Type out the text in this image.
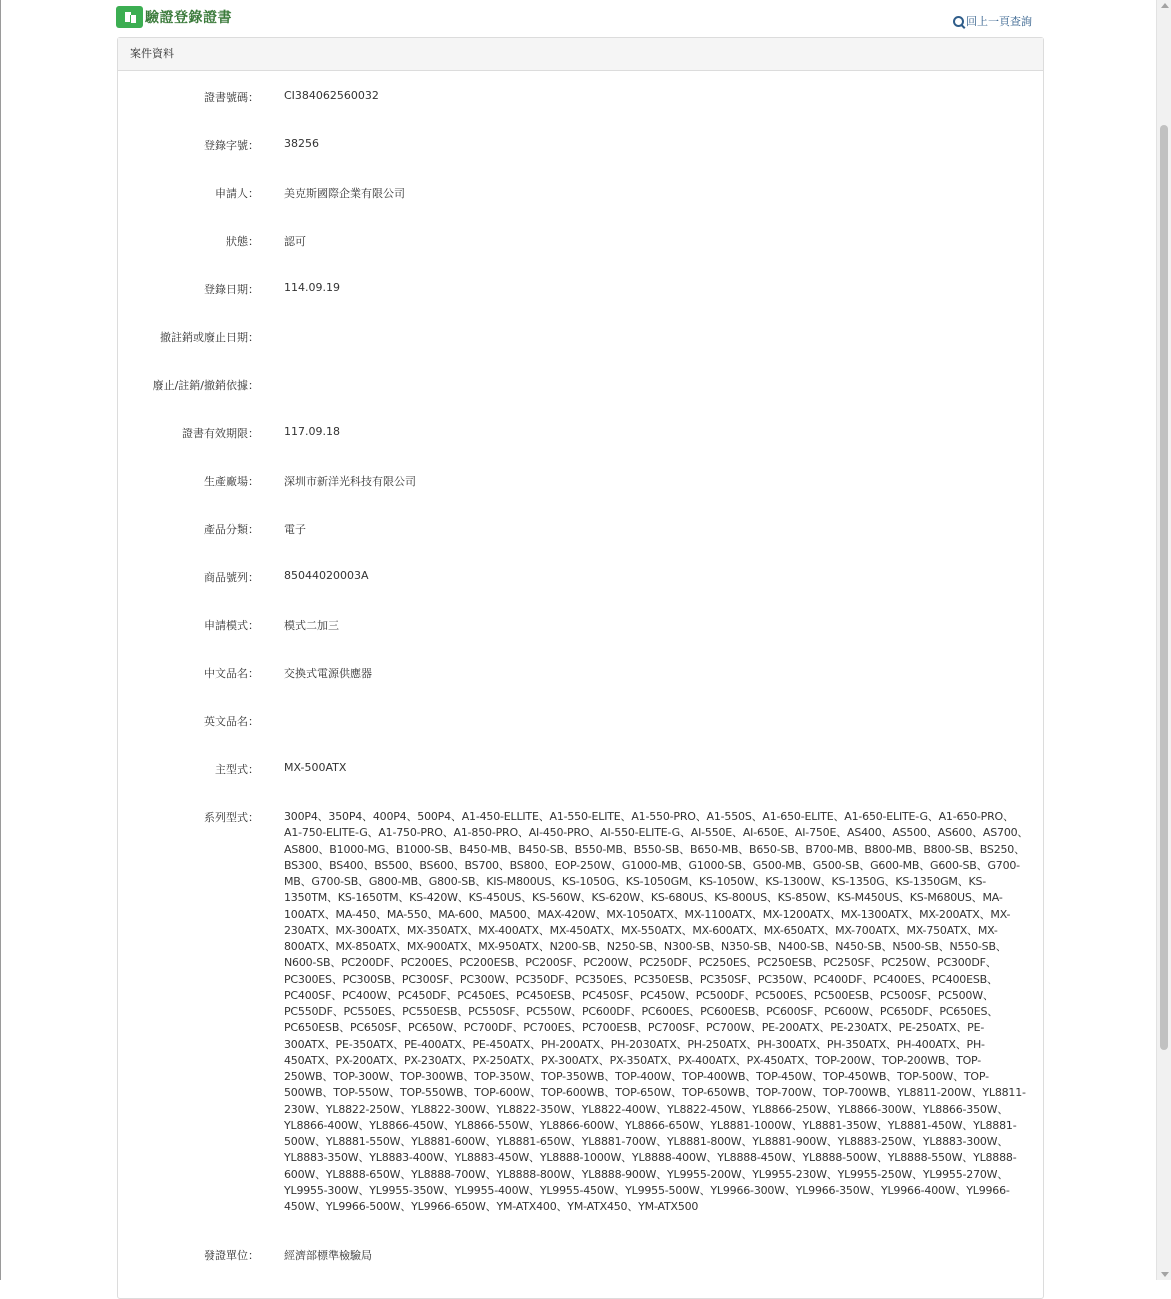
驗證登錄證書	回上一頁查詢
案件資料
證書號碼： CI384062560032
登錄字號： 38256
申請人： 美克斯國際企業有限公司
狀態： 認可
登錄日期： 114.09.19
撤註銷或廢止日期：
廢止/註銷/撤銷依據：
證書有效期限： 117.09.18
生產廠場： 深圳市新洋光科技有限公司
產品分類： 電子
商品號列： 85044020003A
申請模式： 模式二加三
中文品名： 交換式電源供應器
英文品名：
主型式： MX-500ATX
系列型式： 300P4、350P4、400P4、500P4、A1-450-ELLITE、A1-550-ELITE、A1-550-PRO、A1-550S、A1-650-ELITE、A1-650-ELITE-G、A1-650-PRO、A1-750-ELITE-G、A1-750-PRO、A1-850-PRO、AI-450-PRO、AI-550-ELITE-G、AI-550E、AI-650E、AI-750E、AS400、AS500、AS600、AS700、AS800、B1000-MG、B1000-SB、B450-MB、B450-SB、B550-MB、B550-SB、B650-MB、B650-SB、B700-MB、B800-MB、B800-SB、BS250、BS300、BS400、BS500、BS600、BS700、BS800、EOP-250W、G1000-MB、G1000-SB、G500-MB、G500-SB、G600-MB、G600-SB、G700-MB、G700-SB、G800-MB、G800-SB、KIS-M800US、KS-1050G、KS-1050GM、KS-1050W、KS-1300W、KS-1350G、KS-1350GM、KS-1350TM、KS-1650TM、KS-420W、KS-450US、KS-560W、KS-620W、KS-680US、KS-800US、KS-850W、KS-M450US、KS-M680US、MA-100ATX、MA-450、MA-550、MA-600、MA500、MAX-420W、MX-1050ATX、MX-1100ATX、MX-1200ATX、MX-1300ATX、MX-200ATX、MX-230ATX、MX-300ATX、MX-350ATX、MX-400ATX、MX-450ATX、MX-550ATX、MX-600ATX、MX-650ATX、MX-700ATX、MX-750ATX、MX-800ATX、MX-850ATX、MX-900ATX、MX-950ATX、N200-SB、N250-SB、N300-SB、N350-SB、N400-SB、N450-SB、N500-SB、N550-SB、N600-SB、PC200DF、PC200ES、PC200ESB、PC200SF、PC200W、PC250DF、PC250ES、PC250ESB、PC250SF、PC250W、PC300DF、PC300ES、PC300SB、PC300SF、PC300W、PC350DF、PC350ES、PC350ESB、PC350SF、PC350W、PC400DF、PC400ES、PC400ESB、PC400SF、PC400W、PC450DF、PC450ES、PC450ESB、PC450SF、PC450W、PC500DF、PC500ES、PC500ESB、PC500SF、PC500W、PC550DF、PC550ES、PC550ESB、PC550SF、PC550W、PC600DF、PC600ES、PC600ESB、PC600SF、PC600W、PC650DF、PC650ES、PC650ESB、PC650SF、PC650W、PC700DF、PC700ES、PC700ESB、PC700SF、PC700W、PE-200ATX、PE-230ATX、PE-250ATX、PE-300ATX、PE-350ATX、PE-400ATX、PE-450ATX、PH-200ATX、PH-2030ATX、PH-250ATX、PH-300ATX、PH-350ATX、PH-400ATX、PH-450ATX、PX-200ATX、PX-230ATX、PX-250ATX、PX-300ATX、PX-350ATX、PX-400ATX、PX-450ATX、TOP-200W、TOP-200WB、TOP-250WB、TOP-300W、TOP-300WB、TOP-350W、TOP-350WB、TOP-400W、TOP-400WB、TOP-450W、TOP-450WB、TOP-500W、TOP-500WB、TOP-550W、TOP-550WB、TOP-600W、TOP-600WB、TOP-650W、TOP-650WB、TOP-700W、TOP-700WB、YL8811-200W、YL8811-230W、YL8822-250W、YL8822-300W、YL8822-350W、YL8822-400W、YL8822-450W、YL8866-250W、YL8866-300W、YL8866-350W、YL8866-400W、YL8866-450W、YL8866-550W、YL8866-600W、YL8866-650W、YL8881-1000W、YL8881-350W、YL8881-450W、YL8881-500W、YL8881-550W、YL8881-600W、YL8881-650W、YL8881-700W、YL8881-800W、YL8881-900W、YL8883-250W、YL8883-300W、YL8883-350W、YL8883-400W、YL8883-450W、YL8888-1000W、YL8888-400W、YL8888-450W、YL8888-500W、YL8888-550W、YL8888-600W、YL8888-650W、YL8888-700W、YL8888-800W、YL8888-900W、YL9955-200W、YL9955-230W、YL9955-250W、YL9955-270W、YL9955-300W、YL9955-350W、YL9955-400W、YL9955-450W、YL9955-500W、YL9966-300W、YL9966-350W、YL9966-400W、YL9966-450W、YL9966-500W、YL9966-650W、YM-ATX400、YM-ATX450、YM-ATX500
發證單位： 經濟部標準檢驗局
